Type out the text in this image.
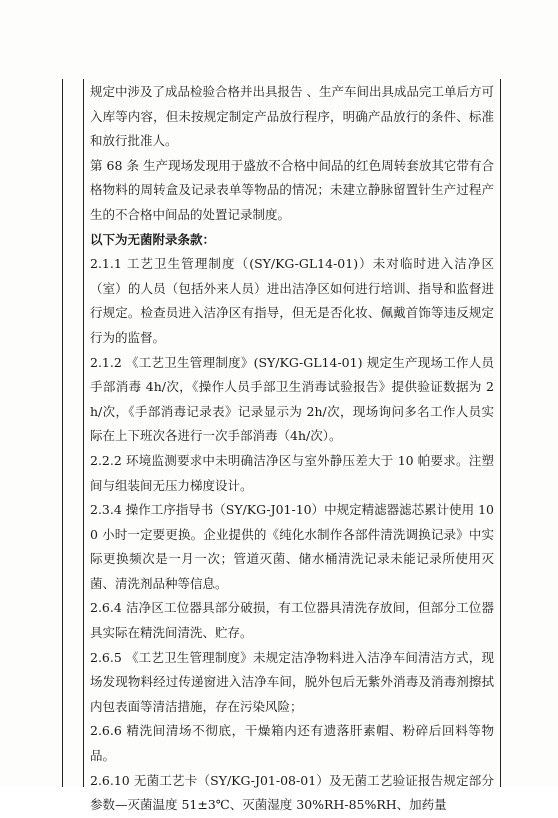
规定中涉及了成品检验合格并出具报告 、生产车间出具成品完工单后方可入库等内容，但未按规定制定产品放行程序，明确产品放行的条件、标准和放行批准人。

第 68 条 生产现场发现用于盛放不合格中间品的红色周转套放其它带有合格物料的周转盒及记录表单等物品的情况；未建立静脉留置针生产过程产生的不合格中间品的处置记录制度。

以下为无菌附录条款：

2.1.1 工艺卫生管理制度（(SY/KG-GL14-01)）未对临时进入洁净区（室）的人员（包括外来人员）进出洁净区如何进行培训、指导和监督进行规定。检查员进入洁净区有指导，但无是否化妆、佩戴首饰等违反规定行为的监督。

2.1.2 《工艺卫生管理制度》(SY/KG-GL14-01) 规定生产现场工作人员手部消毒 4h/次，《操作人员手部卫生消毒试验报告》提供验证数据为 2h/次，《手部消毒记录表》记录显示为 2h/次，现场询问多名工作人员实际在上下班次各进行一次手部消毒（4h/次）。

2.2.2 环境监测要求中未明确洁净区与室外静压差大于 10 帕要求。注塑间与组装间无压力梯度设计。

2.3.4 操作工序指导书（SY/KG-J01-10）中规定精滤器滤芯累计使用 100 小时一定要更换。企业提供的《纯化水制作各部件清洗调换记录》中实际更换频次是一月一次；管道灭菌、储水桶清洗记录未能记录所使用灭菌、清洗剂品种等信息。

2.6.4 洁净区工位器具部分破损，有工位器具清洗存放间，但部分工位器具实际在精洗间清洗、贮存。

2.6.5 《工艺卫生管理制度》未规定洁净物料进入洁净车间清洁方式，现场发现物料经过传递窗进入洁净车间，脱外包后无紫外消毒及消毒剂擦拭内包表面等清洁措施，存在污染风险；

2.6.6 精洗间清场不彻底，干燥箱内还有遗落肝素帽、粉碎后回料等物品。

2.6.10 无菌工艺卡（SY/KG-J01-08-01）及无菌工艺验证报告规定部分参数—灭菌温度 51±3℃、灭菌湿度 30%RH-85%RH、加药量
